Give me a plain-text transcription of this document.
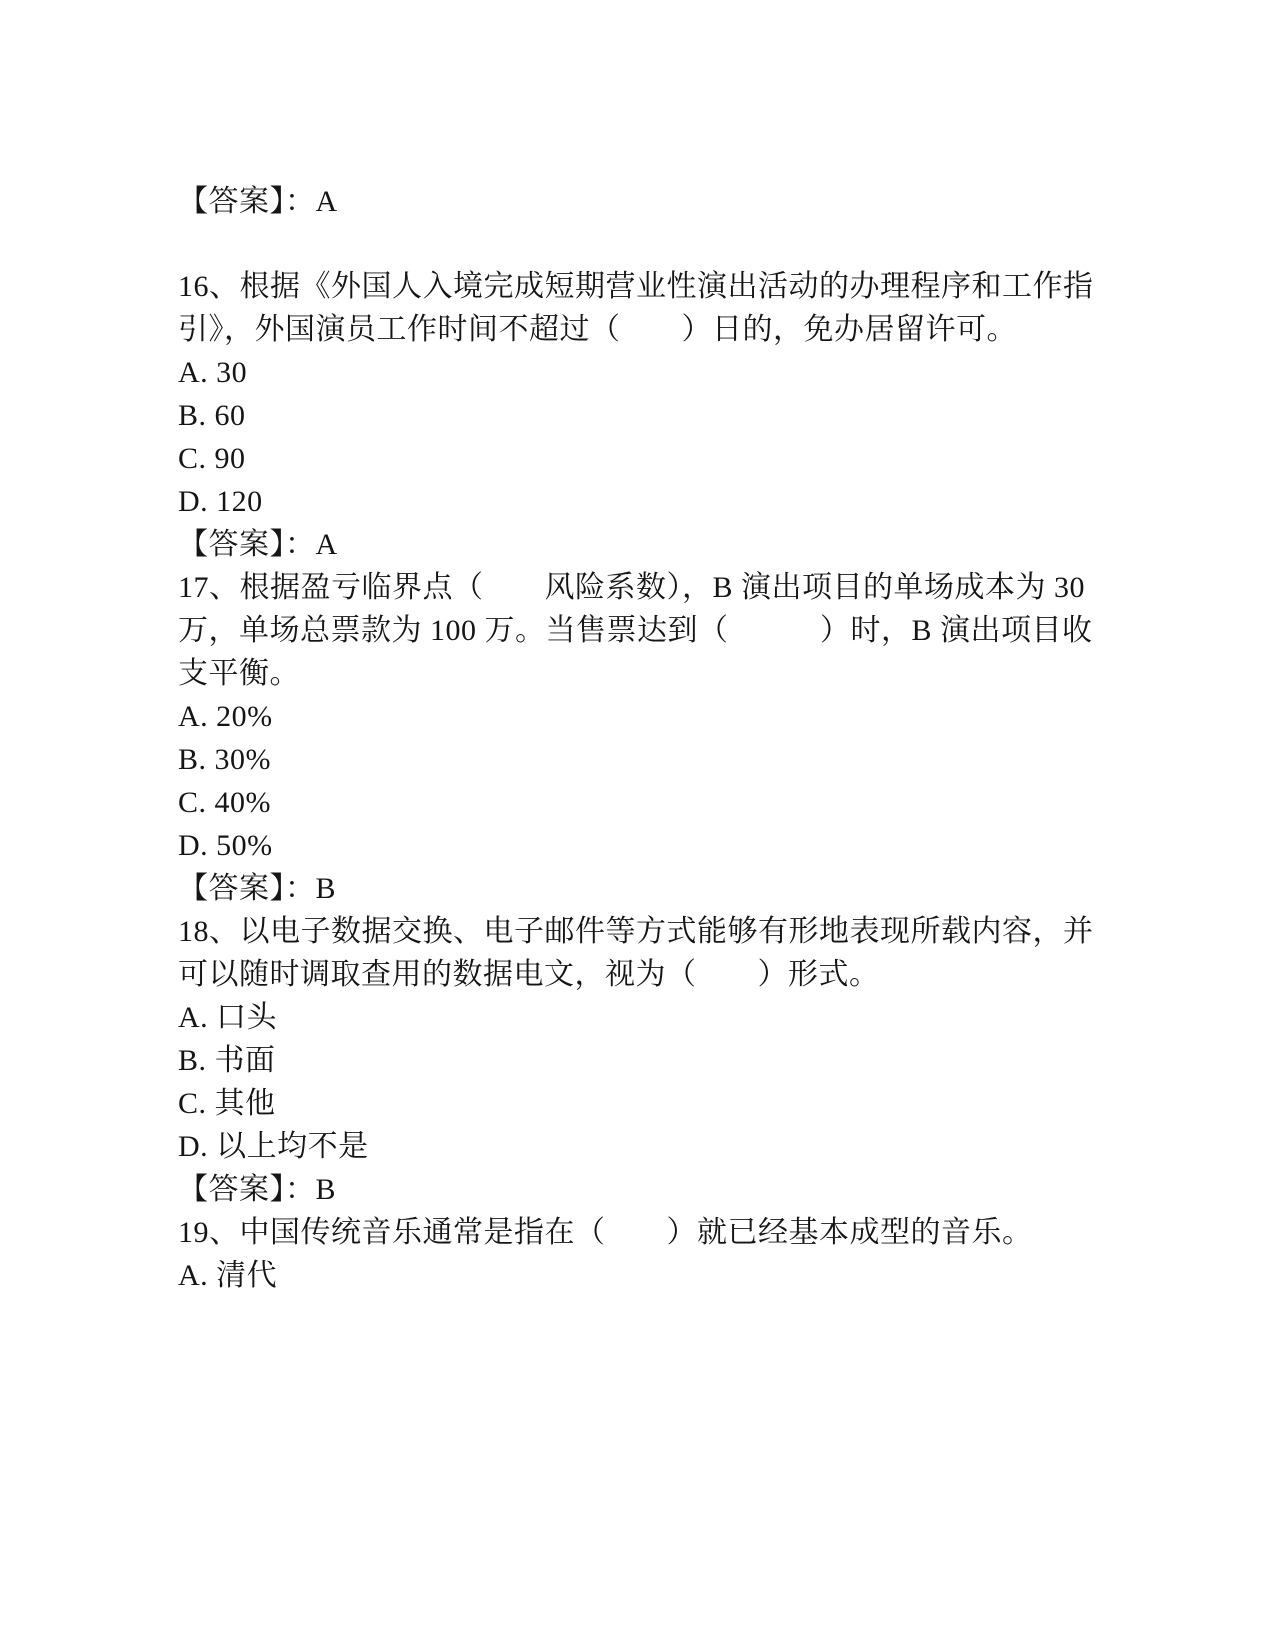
【答案】：A

16、根据《外国人入境完成短期营业性演出活动的办理程序和工作指引》，外国演员工作时间不超过（　　）日的，免办居留许可。

A. 30

B. 60

C. 90

D. 120

【答案】：A

17、根据盈亏临界点（　　风险系数），B 演出项目的单场成本为 30 万，单场总票款为 100 万。当售票达到（　　　）时，B 演出项目收支平衡。

A. 20%

B. 30%

C. 40%

D. 50%

【答案】：B

18、以电子数据交换、电子邮件等方式能够有形地表现所载内容，并可以随时调取查用的数据电文，视为（　　）形式。

A. 口头

B. 书面

C. 其他

D. 以上均不是

【答案】：B

19、中国传统音乐通常是指在（　　）就已经基本成型的音乐。

A. 清代
